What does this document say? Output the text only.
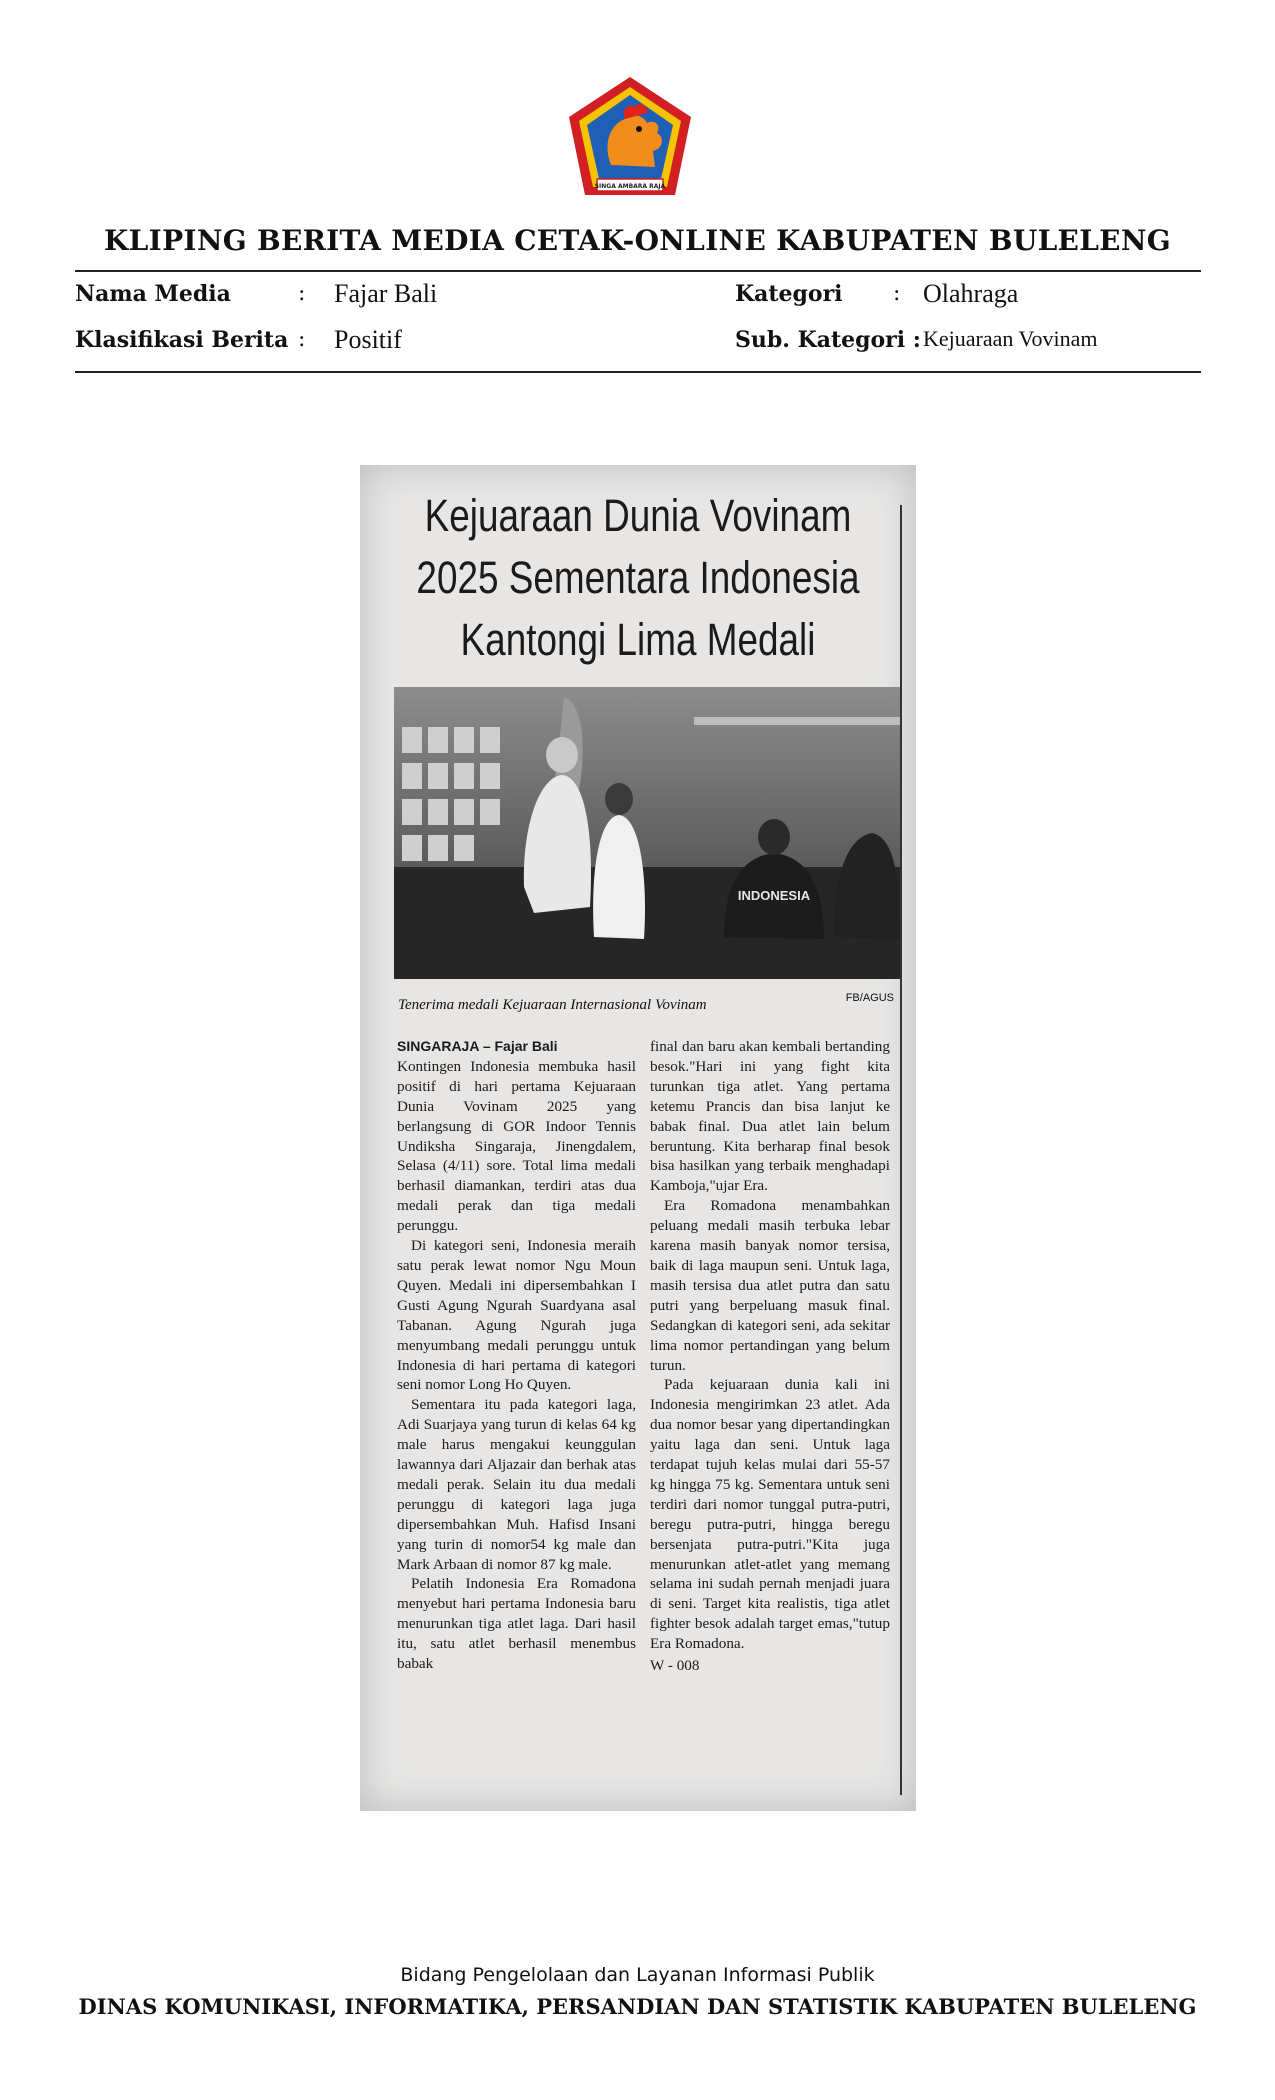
SINGA AMBARA RAJA
KLIPING BERITA MEDIA CETAK-ONLINE KABUPATEN BULELENG
Nama Media	: Fajar Bali	Kategori : Olahraga
Klasifikasi Berita : Positif	Sub. Kategori : Kejuaraan Vovinam
Kejuaraan Dunia Vovinam
2025 Sementara Indonesia
Kantongi Lima Medali
INDONESIA
Tenerima medali Kejuaraan Internasional Vovinam	FB/AGUS

SINGARAJA – Fajar Bali
Kontingen Indonesia membuka hasil positif di hari pertama Kejuaraan Dunia Vovinam 2025 yang berlangsung di GOR Indoor Tennis Undiksha Singaraja, Jinengdalem, Selasa (4/11) sore. Total lima medali berhasil diamankan, terdiri atas dua medali perak dan tiga medali perunggu.

Di kategori seni, Indonesia meraih satu perak lewat nomor Ngu Moun Quyen. Medali ini dipersembahkan I Gusti Agung Ngurah Suardyana asal Tabanan. Agung Ngurah juga menyumbang medali perunggu untuk Indonesia di hari pertama di kategori seni nomor Long Ho Quyen.

Sementara itu pada kategori laga, Adi Suarjaya yang turun di kelas 64 kg male harus mengakui keunggulan lawannya dari Aljazair dan berhak atas medali perak. Selain itu dua medali perunggu di kategori laga juga dipersembahkan Muh. Hafisd Insani yang turin di nomor54 kg male dan Mark Arbaan di nomor 87 kg male.

Pelatih Indonesia Era Romadona menyebut hari pertama Indonesia baru menurunkan tiga atlet laga. Dari hasil itu, satu atlet berhasil menembus babak

final dan baru akan kembali bertanding besok."Hari ini yang fight kita turunkan tiga atlet. Yang pertama ketemu Prancis dan bisa lanjut ke babak final. Dua atlet lain belum beruntung. Kita berharap final besok bisa hasilkan yang terbaik menghadapi Kamboja,"ujar Era.

Era Romadona menambahkan peluang medali masih terbuka lebar karena masih banyak nomor tersisa, baik di laga maupun seni. Untuk laga, masih tersisa dua atlet putra dan satu putri yang berpeluang masuk final. Sedangkan di kategori seni, ada sekitar lima nomor pertandingan yang belum turun.

Pada kejuaraan dunia kali ini Indonesia mengirimkan 23 atlet. Ada dua nomor besar yang dipertandingkan yaitu laga dan seni. Untuk laga terdapat tujuh kelas mulai dari 55-57 kg hingga 75 kg. Sementara untuk seni terdiri dari nomor tunggal putra-putri, beregu putra-putri, hingga beregu bersenjata putra-putri."Kita juga menurunkan atlet-atlet yang memang selama ini sudah pernah menjadi juara di seni. Target kita realistis, tiga atlet fighter besok adalah target emas,"tutup Era Romadona.

W - 008
Bidang Pengelolaan dan Layanan Informasi Publik
DINAS KOMUNIKASI, INFORMATIKA, PERSANDIAN DAN STATISTIK KABUPATEN BULELENG
